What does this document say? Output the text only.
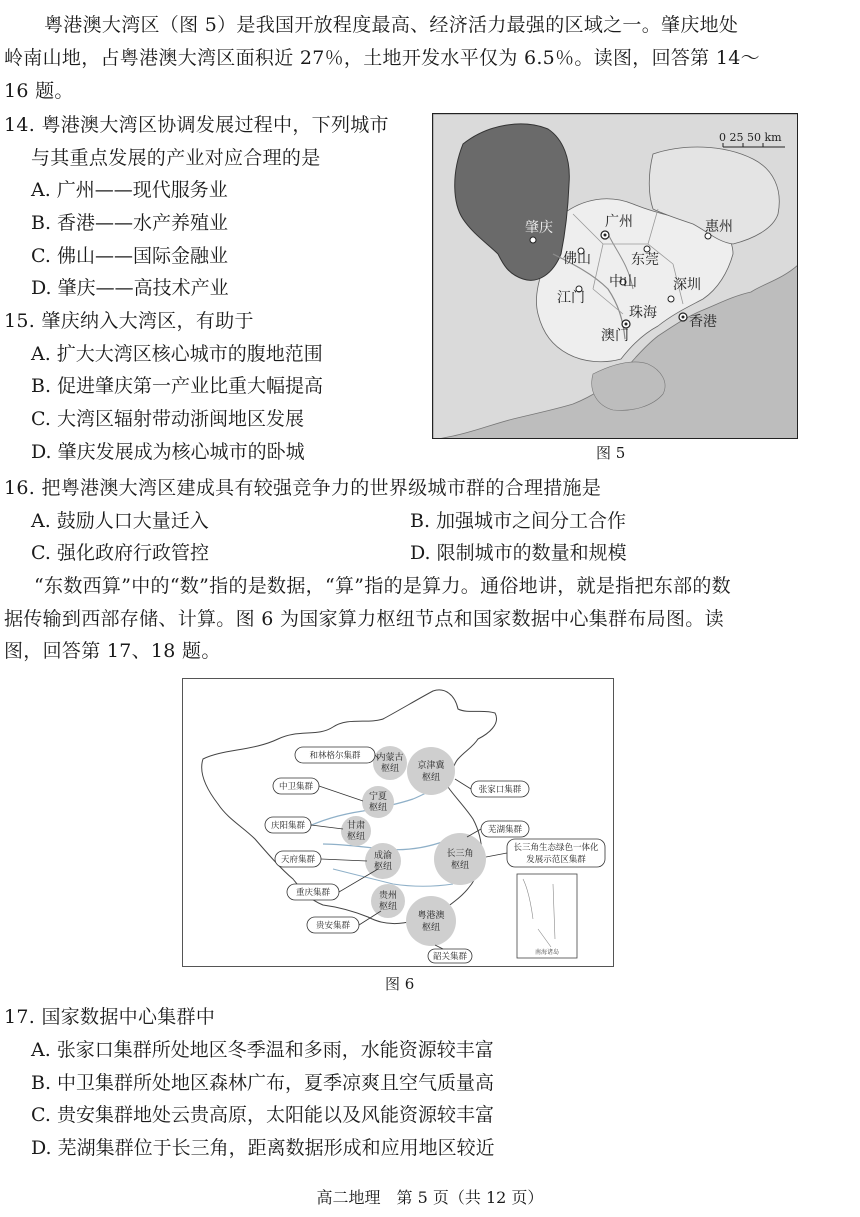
粤港澳大湾区（图 5）是我国开放程度最高、经济活力最强的区域之一。肇庆地处
岭南山地，占粤港澳大湾区面积近 27％，土地开发水平仅为 6.5％。读图，回答第 14～
16 题。
14. 粤港澳大湾区协调发展过程中，下列城市
与其重点发展的产业对应合理的是
A. 广州——现代服务业
B. 香港——水产养殖业
C. 佛山——国际金融业
D. 肇庆——高技术产业
15. 肇庆纳入大湾区，有助于
A. 扩大大湾区核心城市的腹地范围
B. 促进肇庆第一产业比重大幅提高
C. 大湾区辐射带动浙闽地区发展
D. 肇庆发展成为核心城市的卧城
0 25 50 km
肇庆	广州	惠州
佛山	东莞
中山	深圳
江门
珠海
香港
澳门
图 5
16. 把粤港澳大湾区建成具有较强竞争力的世界级城市群的合理措施是
A. 鼓励人口大量迁入	B. 加强城市之间分工合作
C. 强化政府行政管控	D. 限制城市的数量和规模
“东数西算”中的“数”指的是数据，“算”指的是算力。通俗地讲，就是指把东部的数
据传输到西部存储、计算。图 6 为国家算力枢纽节点和国家数据中心集群布局图。读
图，回答第 17、18 题。
内蒙古
枢纽 京津冀
枢纽
宁夏
枢纽
甘肃
枢纽
成渝
枢纽
长三角
枢纽
贵州
枢纽
粤港澳
枢纽
和林格尔集群
中卫集群	张家口集群
庆阳集群	芜湖集群
天府集群
长三角生态绿色一体化
发展示范区集群
重庆集群
贵安集群
韶关集群	南海诸岛
图 6
17. 国家数据中心集群中
A. 张家口集群所处地区冬季温和多雨，水能资源较丰富
B. 中卫集群所处地区森林广布，夏季凉爽且空气质量高
C. 贵安集群地处云贵高原，太阳能以及风能资源较丰富
D. 芜湖集群位于长三角，距离数据形成和应用地区较近
高二地理　第 5 页（共 12 页）
